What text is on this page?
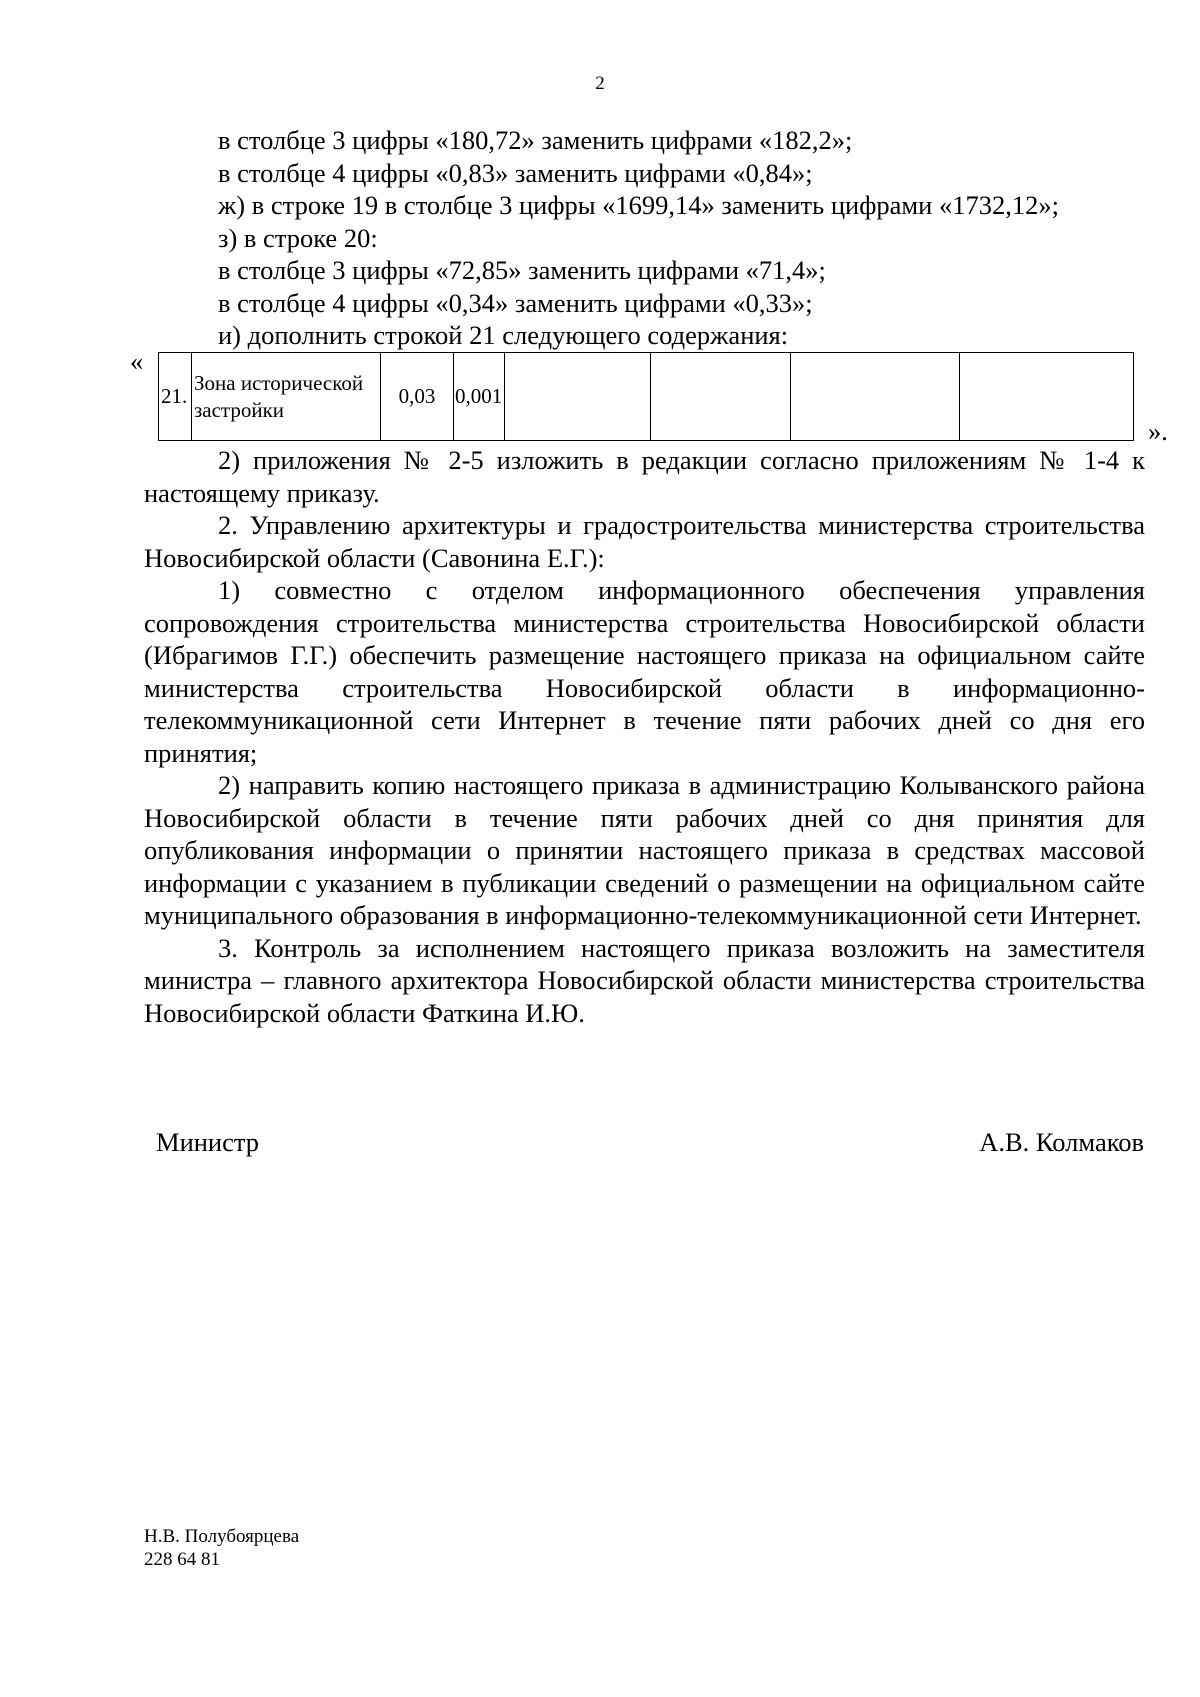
2
в столбце 3 цифры «180,72» заменить цифрами «182,2»;
в столбце 4 цифры «0,83» заменить цифрами «0,84»;
ж) в строке 19 в столбце 3 цифры «1699,14» заменить цифрами «1732,12»;
з) в строке 20:
в столбце 3 цифры «72,85» заменить цифрами «71,4»;
в столбце 4 цифры «0,34» заменить цифрами «0,33»;
и) дополнить строкой 21 следующего содержания:
«
21.	Зона исторической застройки	0,03	0,001				
».

2) приложения № 2-5 изложить в редакции согласно приложениям № 1-4 к настоящему приказу.

2. Управлению архитектуры и градостроительства министерства строительства Новосибирской области (Савонина Е.Г.):

1) совместно с отделом информационного обеспечения управления сопровождения строительства министерства строительства Новосибирской области (Ибрагимов Г.Г.) обеспечить размещение настоящего приказа на официальном сайте министерства строительства Новосибирской области в информационно-телекоммуникационной сети Интернет в течение пяти рабочих дней со дня его принятия;

2) направить копию настоящего приказа в администрацию Колыванского района Новосибирской области в течение пяти рабочих дней со дня принятия для опубликования информации о принятии настоящего приказа в средствах массовой информации с указанием в публикации сведений о размещении на официальном сайте муниципального образования в информационно-телекоммуникационной сети Интернет.

3. Контроль за исполнением настоящего приказа возложить на заместителя министра – главного архитектора Новосибирской области министерства строительства Новосибирской области Фаткина И.Ю.

Министр	А.В. Колмаков
Н.В. Полубоярцева
228 64 81
